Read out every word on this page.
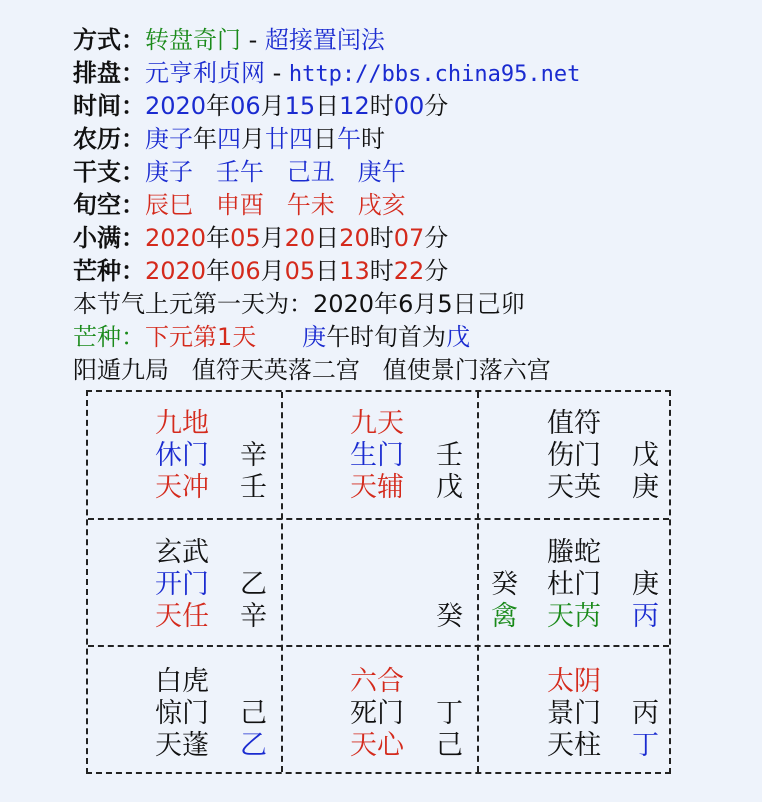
方式：转盘奇门 - 超接置闰法
排盘：元亨利贞网 - http://bbs.china95.net
时间：2020年06月15日12时00分
农历：庚子年四月廿四日午时
干支：庚子 壬午 己丑 庚午
旬空：辰巳 申酉 午未 戌亥
小满：2020年05月20日20时07分
芒种：2020年06月05日13时22分
本节气上元第一天为：2020年6月5日己卯
芒种：下元第1天 庚午时旬首为戊
阳遁九局   值符天英落二宫   值使景门落六宫
九地
休门 辛
天冲 壬
九天
生门 壬
天辅 戊
值符
伤门 戊
天英 庚
玄武
开门 乙
天任 辛	癸
螣蛇
癸 杜门 庚
禽 天芮 丙
白虎
惊门 己
天蓬 乙
六合
死门 丁
天心 己
太阴
景门 丙
天柱 丁
